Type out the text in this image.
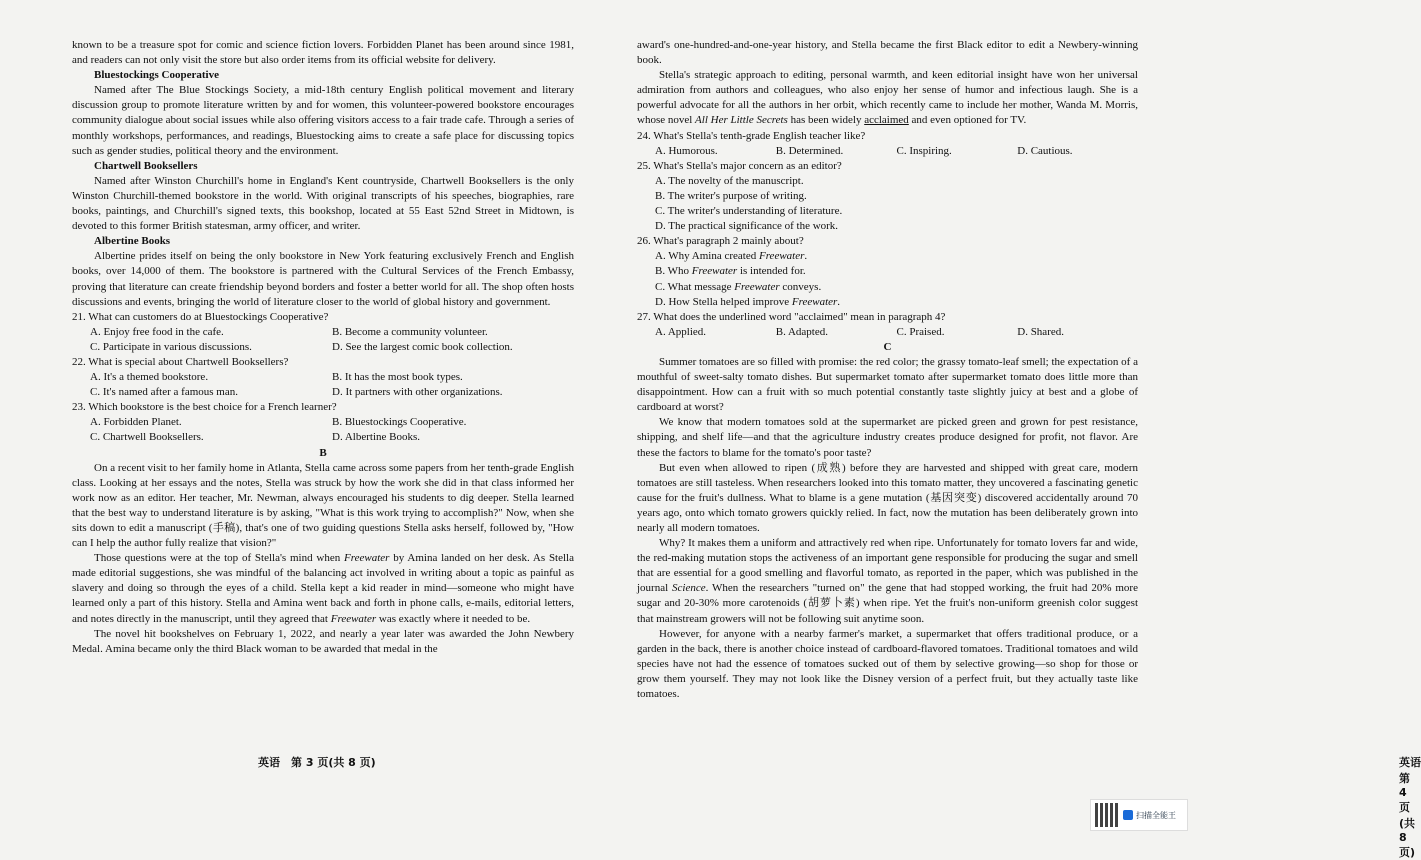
known to be a treasure spot for comic and science fiction lovers. Forbidden Planet has been around since 1981, and readers can not only visit the store but also order items from its official website for delivery.

Bluestockings Cooperative

Named after The Blue Stockings Society, a mid-18th century English political movement and literary discussion group to promote literature written by and for women, this volunteer-powered bookstore encourages community dialogue about social issues while also offering visitors access to a fair trade cafe. Through a series of monthly workshops, performances, and readings, Bluestocking aims to create a safe place for discussing topics such as gender studies, political theory and the environment.

Chartwell Booksellers

Named after Winston Churchill's home in England's Kent countryside, Chartwell Booksellers is the only Winston Churchill-themed bookstore in the world. With original transcripts of his speeches, biographies, rare books, paintings, and Churchill's signed texts, this bookshop, located at 55 East 52nd Street in Midtown, is devoted to this former British statesman, army officer, and writer.

Albertine Books

Albertine prides itself on being the only bookstore in New York featuring exclusively French and English books, over 14,000 of them. The bookstore is partnered with the Cultural Services of the French Embassy, proving that literature can create friendship beyond borders and foster a better world for all. The shop often hosts discussions and events, bringing the world of literature closer to the world of global history and government.

21. What can customers do at Bluestockings Cooperative?

A. Enjoy free food in the cafe.	B. Become a community volunteer.
C. Participate in various discussions.	D. See the largest comic book collection.

22. What is special about Chartwell Booksellers?

A. It's a themed bookstore.	B. It has the most book types.
C. It's named after a famous man.	D. It partners with other organizations.

23. Which bookstore is the best choice for a French learner?

A. Forbidden Planet.	B. Bluestockings Cooperative.
C. Chartwell Booksellers.	D. Albertine Books.

B

On a recent visit to her family home in Atlanta, Stella came across some papers from her tenth-grade English class. Looking at her essays and the notes, Stella was struck by how the work she did in that class informed her work now as an editor. Her teacher, Mr. Newman, always encouraged his students to dig deeper. Stella learned that the best way to understand literature is by asking, "What is this work trying to accomplish?" Now, when she sits down to edit a manuscript (手稿), that's one of two guiding questions Stella asks herself, followed by, "How can I help the author fully realize that vision?"

Those questions were at the top of Stella's mind when Freewater by Amina landed on her desk. As Stella made editorial suggestions, she was mindful of the balancing act involved in writing about a topic as painful as slavery and doing so through the eyes of a child. Stella kept a kid reader in mind—someone who might have learned only a part of this history. Stella and Amina went back and forth in phone calls, e-mails, editorial letters, and notes directly in the manuscript, until they agreed that Freewater was exactly where it needed to be.

The novel hit bookshelves on February 1, 2022, and nearly a year later was awarded the John Newbery Medal. Amina became only the third Black woman to be awarded that medal in the

英语　第 3 页(共 8 页)

award's one-hundred-and-one-year history, and Stella became the first Black editor to edit a Newbery-winning book.

Stella's strategic approach to editing, personal warmth, and keen editorial insight have won her universal admiration from authors and colleagues, who also enjoy her sense of humor and infectious laugh. She is a powerful advocate for all the authors in her orbit, which recently came to include her mother, Wanda M. Morris, whose novel All Her Little Secrets has been widely acclaimed and even optioned for TV.

24. What's Stella's tenth-grade English teacher like?

A. Humorous.	B. Determined.	C. Inspiring.	D. Cautious.

25. What's Stella's major concern as an editor?

A. The novelty of the manuscript.

B. The writer's purpose of writing.

C. The writer's understanding of literature.

D. The practical significance of the work.

26. What's paragraph 2 mainly about?

A. Why Amina created Freewater.

B. Who Freewater is intended for.

C. What message Freewater conveys.

D. How Stella helped improve Freewater.

27. What does the underlined word "acclaimed" mean in paragraph 4?

A. Applied.	B. Adapted.	C. Praised.	D. Shared.

C

Summer tomatoes are so filled with promise: the red color; the grassy tomato-leaf smell; the expectation of a mouthful of sweet-salty tomato dishes. But supermarket tomato after supermarket tomato does little more than disappointment. How can a fruit with so much potential constantly taste slightly juicy at best and a globe of cardboard at worst?

We know that modern tomatoes sold at the supermarket are picked green and grown for pest resistance, shipping, and shelf life—and that the agriculture industry creates produce designed for profit, not flavor. Are these the factors to blame for the tomato's poor taste?

But even when allowed to ripen (成熟) before they are harvested and shipped with great care, modern tomatoes are still tasteless. When researchers looked into this tomato matter, they uncovered a fascinating genetic cause for the fruit's dullness. What to blame is a gene mutation (基因突变) discovered accidentally around 70 years ago, onto which tomato growers quickly relied. In fact, now the mutation has been deliberately grown into nearly all modern tomatoes.

Why? It makes them a uniform and attractively red when ripe. Unfortunately for tomato lovers far and wide, the red-making mutation stops the activeness of an important gene responsible for producing the sugar and smell that are essential for a good smelling and flavorful tomato, as reported in the paper, which was published in the journal Science. When the researchers "turned on" the gene that had stopped working, the fruit had 20% more sugar and 20-30% more carotenoids (胡萝卜素) when ripe. Yet the fruit's non-uniform greenish color suggest that mainstream growers will not be following suit anytime soon.

However, for anyone with a nearby farmer's market, a supermarket that offers traditional produce, or a garden in the back, there is another choice instead of cardboard-flavored tomatoes. Traditional tomatoes and wild species have not had the essence of tomatoes sucked out of them by selective growing—so shop for those or grow them yourself. They may not look like the Disney version of a perfect fruit, but they actually taste like tomatoes.

英语　第 4 页(共 8 页)
扫描全能王
